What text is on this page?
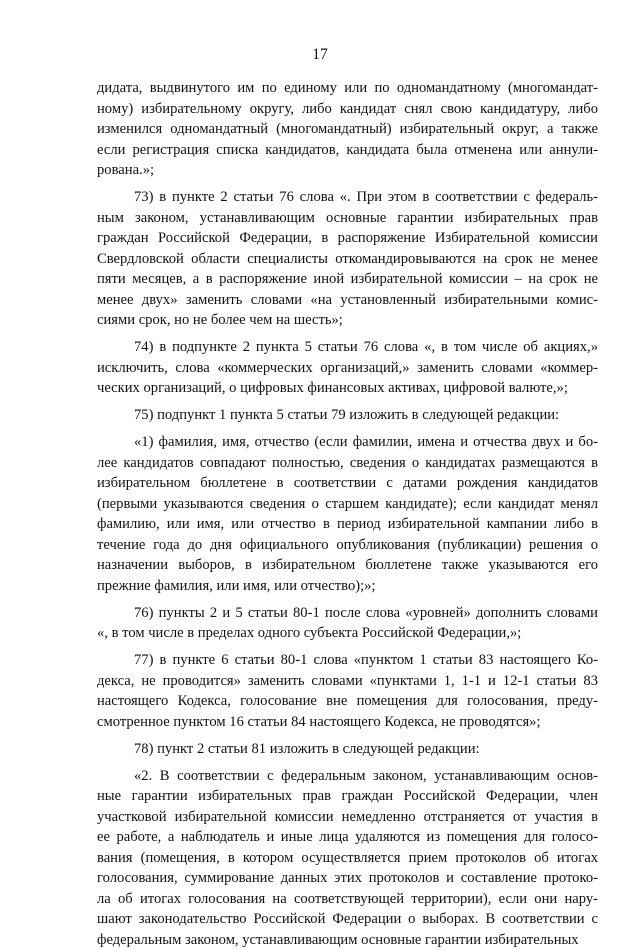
17
дидата, выдвинутого им по единому или по одномандатному (многомандат-
ному) избирательному округу, либо кандидат снял свою кандидатуру, либо
изменился одномандатный (многомандатный) избирательный округ, а также
если регистрация списка кандидатов, кандидата была отменена или аннули-
рована.»;
73) в пункте 2 статьи 76 слова «. При этом в соответствии с федераль-
ным законом, устанавливающим основные гарантии избирательных прав
граждан Российской Федерации, в распоряжение Избирательной комиссии
Свердловской области специалисты откомандировываются на срок не менее
пяти месяцев, а в распоряжение иной избирательной комиссии – на срок не
менее двух» заменить словами «на установленный избирательными комис-
сиями срок, но не более чем на шесть»;
74) в подпункте 2 пункта 5 статьи 76 слова «, в том числе об акциях,»
исключить, слова «коммерческих организаций,» заменить словами «коммер-
ческих организаций, о цифровых финансовых активах, цифровой валюте,»;
75) подпункт 1 пункта 5 статьи 79 изложить в следующей редакции:
«1) фамилия, имя, отчество (если фамилии, имена и отчества двух и бо-
лее кандидатов совпадают полностью, сведения о кандидатах размещаются в
избирательном бюллетене в соответствии с датами рождения кандидатов
(первыми указываются сведения о старшем кандидате); если кандидат менял
фамилию, или имя, или отчество в период избирательной кампании либо в
течение года до дня официального опубликования (публикации) решения о
назначении выборов, в избирательном бюллетене также указываются его
прежние фамилия, или имя, или отчество);»;
76) пункты 2 и 5 статьи 80-1 после слова «уровней» дополнить словами
«, в том числе в пределах одного субъекта Российской Федерации,»;
77) в пункте 6 статьи 80-1 слова «пунктом 1 статьи 83 настоящего Ко-
декса, не проводится» заменить словами «пунктами 1, 1-1 и 12-1 статьи 83
настоящего Кодекса, голосование вне помещения для голосования, преду-
смотренное пунктом 16 статьи 84 настоящего Кодекса, не проводятся»;
78) пункт 2 статьи 81 изложить в следующей редакции:
«2. В соответствии с федеральным законом, устанавливающим основ-
ные гарантии избирательных прав граждан Российской Федерации, член
участковой избирательной комиссии немедленно отстраняется от участия в
ее работе, а наблюдатель и иные лица удаляются из помещения для голосо-
вания (помещения, в котором осуществляется прием протоколов об итогах
голосования, суммирование данных этих протоколов и составление протоко-
ла об итогах голосования на соответствующей территории), если они нару-
шают законодательство Российской Федерации о выборах. В соответствии с
федеральным законом, устанавливающим основные гарантии избирательных
